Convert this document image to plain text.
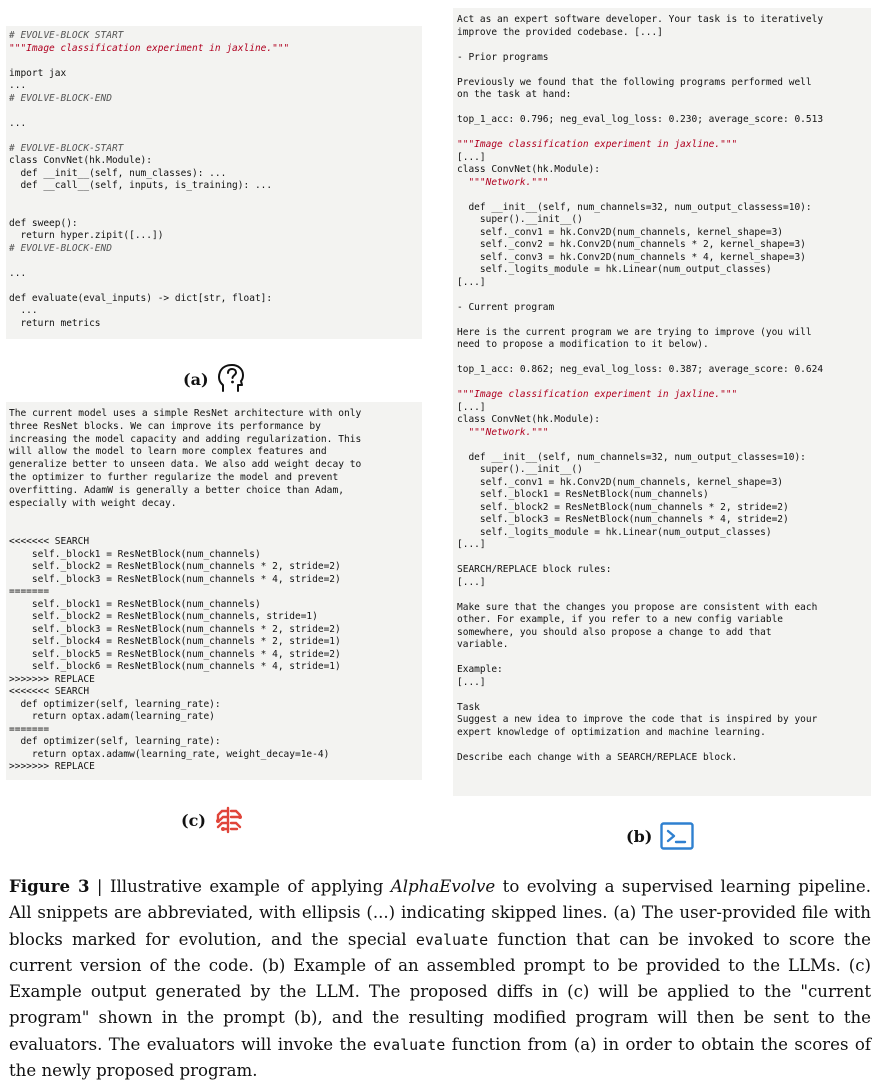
# EVOLVE-BLOCK START
"""Image classification experiment in jaxline."""

import jax
...
# EVOLVE-BLOCK-END

...

# EVOLVE-BLOCK-START
class ConvNet(hk.Module):
def __init__(self, num_classes): ...
def __call__(self, inputs, is_training): ...

def sweep():
return hyper.zipit([...])
# EVOLVE-BLOCK-END

...

def evaluate(eval_inputs) -> dict[str, float]:
...
return metrics
(a)
The current model uses a simple ResNet architecture with only
three ResNet blocks. We can improve its performance by
increasing the model capacity and adding regularization. This
will allow the model to learn more complex features and
generalize better to unseen data. We also add weight decay to
the optimizer to further regularize the model and prevent
overfitting. AdamW is generally a better choice than Adam,
especially with weight decay.
<<<<<<< SEARCH
self._block1 = ResNetBlock(num_channels)
self._block2 = ResNetBlock(num_channels * 2, stride=2)
self._block3 = ResNetBlock(num_channels * 4, stride=2)
=======
self._block1 = ResNetBlock(num_channels)
self._block2 = ResNetBlock(num_channels, stride=1)
self._block3 = ResNetBlock(num_channels * 2, stride=2)
self._block4 = ResNetBlock(num_channels * 2, stride=1)
self._block5 = ResNetBlock(num_channels * 4, stride=2)
self._block6 = ResNetBlock(num_channels * 4, stride=1)
>>>>>>> REPLACE
<<<<<<< SEARCH
def optimizer(self, learning_rate):
return optax.adam(learning_rate)
=======
def optimizer(self, learning_rate):
return optax.adamw(learning_rate, weight_decay=1e-4)
>>>>>>> REPLACE
(c)
Act as an expert software developer. Your task is to iteratively
improve the provided codebase. [...]

- Prior programs

Previously we found that the following programs performed well
on the task at hand:

top_1_acc: 0.796; neg_eval_log_loss: 0.230; average_score: 0.513

"""Image classification experiment in jaxline."""
[...]
class ConvNet(hk.Module):
"""Network."""

def __init__(self, num_channels=32, num_output_classess=10):
super().__init__()
self._conv1 = hk.Conv2D(num_channels, kernel_shape=3)
self._conv2 = hk.Conv2D(num_channels * 2, kernel_shape=3)
self._conv3 = hk.Conv2D(num_channels * 4, kernel_shape=3)
self._logits_module = hk.Linear(num_output_classes)
[...]

- Current program

Here is the current program we are trying to improve (you will
need to propose a modification to it below).

top_1_acc: 0.862; neg_eval_log_loss: 0.387; average_score: 0.624

"""Image classification experiment in jaxline."""
[...]
class ConvNet(hk.Module):
"""Network."""

def __init__(self, num_channels=32, num_output_classes=10):
super().__init__()
self._conv1 = hk.Conv2D(num_channels, kernel_shape=3)
self._block1 = ResNetBlock(num_channels)
self._block2 = ResNetBlock(num_channels * 2, stride=2)
self._block3 = ResNetBlock(num_channels * 4, stride=2)
self._logits_module = hk.Linear(num_output_classes)
[...]

SEARCH/REPLACE block rules:
[...]

Make sure that the changes you propose are consistent with each
other. For example, if you refer to a new config variable
somewhere, you should also propose a change to add that
variable.

Example:
[...]

Task
Suggest a new idea to improve the code that is inspired by your
expert knowledge of optimization and machine learning.

Describe each change with a SEARCH/REPLACE block.
(b)
Figure 3 | Illustrative example of applying AlphaEvolve to evolving a supervised learning pipeline. All snippets are abbreviated, with ellipsis (...) indicating skipped lines. (a) The user-provided file with blocks marked for evolution, and the special evaluate function that can be invoked to score the current version of the code. (b) Example of an assembled prompt to be provided to the LLMs. (c) Example output generated by the LLM. The proposed diffs in (c) will be applied to the "current program" shown in the prompt (b), and the resulting modified program will then be sent to the evaluators. The evaluators will invoke the evaluate function from (a) in order to obtain the scores of the newly proposed program.
